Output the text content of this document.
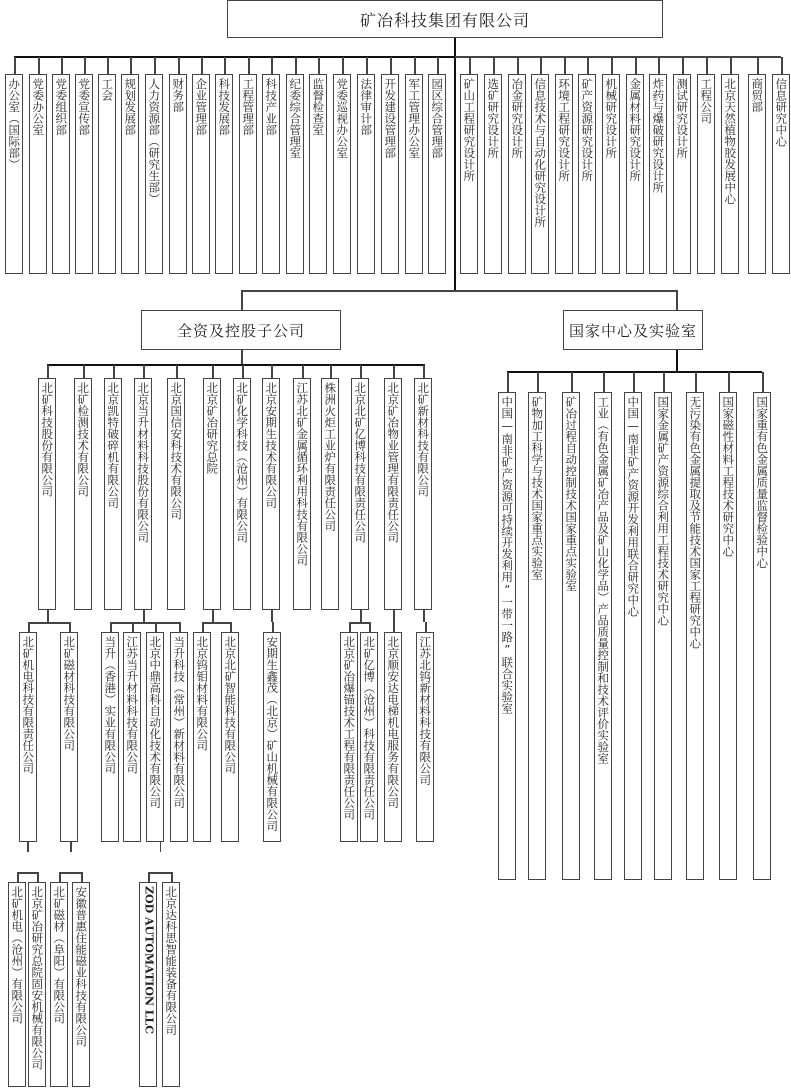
矿冶科技集团有限公司
全资及控股子公司	国家中心及实验室
办公室（国际部） 党委办公室 党委组织部 党委宣传部 工会 规划发展部 人力资源部（研究生部） 财务部 企业管理部 科技发展部 工程管理部 科技产业部 纪委综合管理室 监督检查室 党委巡视办公室 法律审计部 开发建设管理部 军工管理办公室 园区综合管理部 矿山工程研究设计所 选矿研究设计所 冶金研究设计所 信息技术与自动化研究设计所 环境工程研究设计所 矿产资源研究设计所 机械研究设计所 金属材料研究设计所 炸药与爆破研究设计所 测试研究设计所 工程公司 北京天然植物胶发展中心 商贸部 信息研究中心
北矿科技股份有限公司 北矿检测技术有限公司 北京凯特破碎机有限公司 北京当升材料科技股份有限公司 北京国信安科技术有限公司 北京矿冶研究总院 北矿化学科技（沧州）有限公司 北京安期生技术有限公司 江苏北矿金属循环利用科技有限公司 株洲火炬工业炉有限责任公司 北京北矿亿博科技有限责任公司 北京矿冶物业管理有限责任公司 北矿新材科技有限公司
北矿机电科技有限责任公司 北矿磁材科技有限公司 当升（香港）实业有限公司 江苏当升材料科技有限公司 北京中鼎高科自动化技术有限公司 当升科技（常州）新材料有限公司 北京钨钼材料有限公司 北京北矿智能科技有限公司 安期生鑫茂（北京）矿山机械有限公司	北京矿冶爆锚技术工程有限责任公司 北矿亿博（沧州）科技有限责任公司 北京顺安达电梯机电服务有限公司 江苏北钨新材料科技有限公司
北矿机电（沧州）有限公司 北京矿冶研究总院固安机械有限公司 北矿磁材（阜阳）有限公司 安徽普惠住能磁业科技有限公司	ZOD AUTOMATION LLC 北京达科思智能装备有限公司
中国—南非矿产资源可持续开发利用“一带一路”联合实验室 矿物加工科学与技术国家重点实验室 矿冶过程自动控制技术国家重点实验室 工业（有色金属矿冶产品及矿山化学品）产品质量控制和技术评价实验室 中国—南非矿产资源开发利用联合研究中心 国家金属矿产资源综合利用工程技术研究中心 无污染有色金属提取及节能技术国家工程研究中心 国家磁性材料工程技术研究中心 国家重有色金属质量监督检验中心
